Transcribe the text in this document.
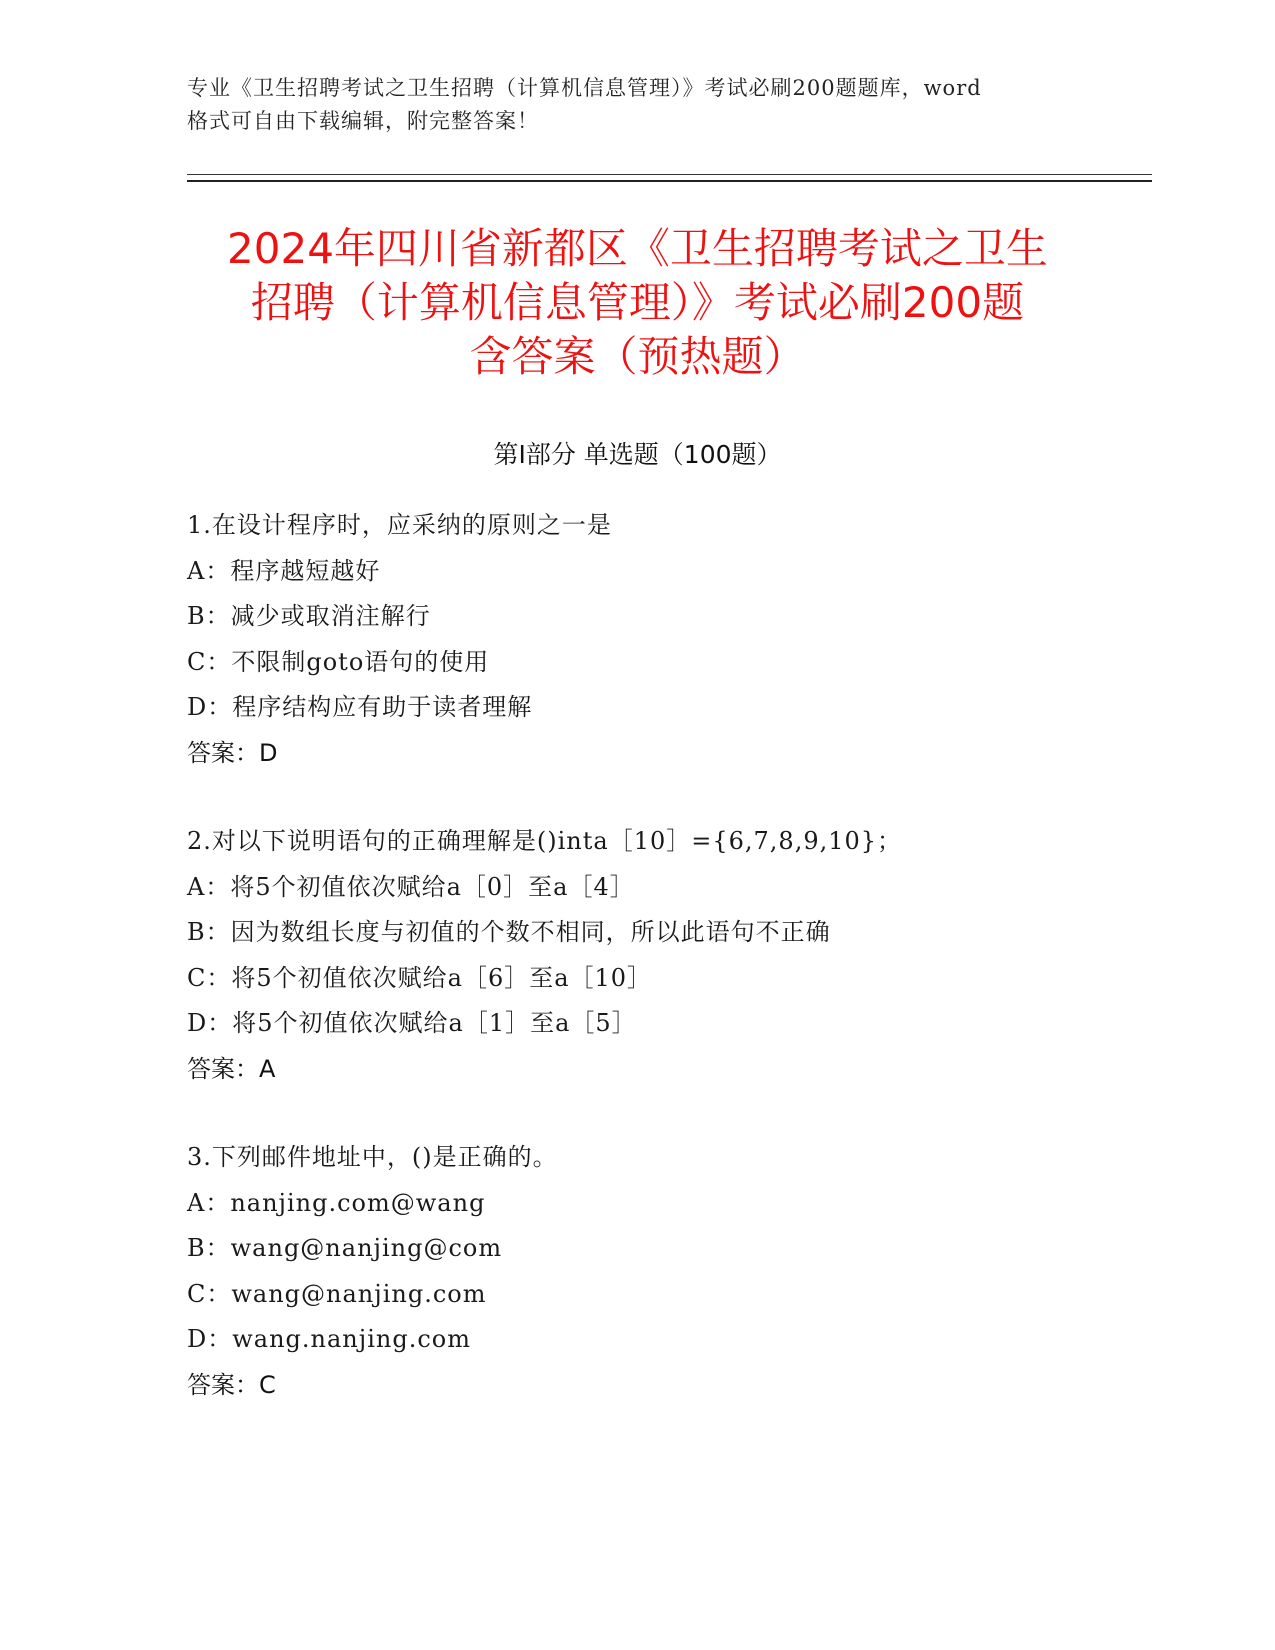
专业《卫生招聘考试之卫生招聘（计算机信息管理）》考试必刷200题题库，word
格式可自由下载编辑，附完整答案！
2024年四川省新都区《卫生招聘考试之卫生
招聘（计算机信息管理）》考试必刷200题
含答案（预热题）
第Ⅰ部分 单选题（100题）
1.在设计程序时，应采纳的原则之一是
A：程序越短越好
B：减少或取消注解行
C：不限制goto语句的使用
D：程序结构应有助于读者理解
答案：D
2.对以下说明语句的正确理解是()inta［10］={6,7,8,9,10}；
A：将5个初值依次赋给a［0］至a［4］
B：因为数组长度与初值的个数不相同，所以此语句不正确
C：将5个初值依次赋给a［6］至a［10］
D：将5个初值依次赋给a［1］至a［5］
答案：A
3.下列邮件地址中，()是正确的。
A：nanjing.com@wang
B：wang@nanjing@com
C：wang@nanjing.com
D：wang.nanjing.com
答案：C
